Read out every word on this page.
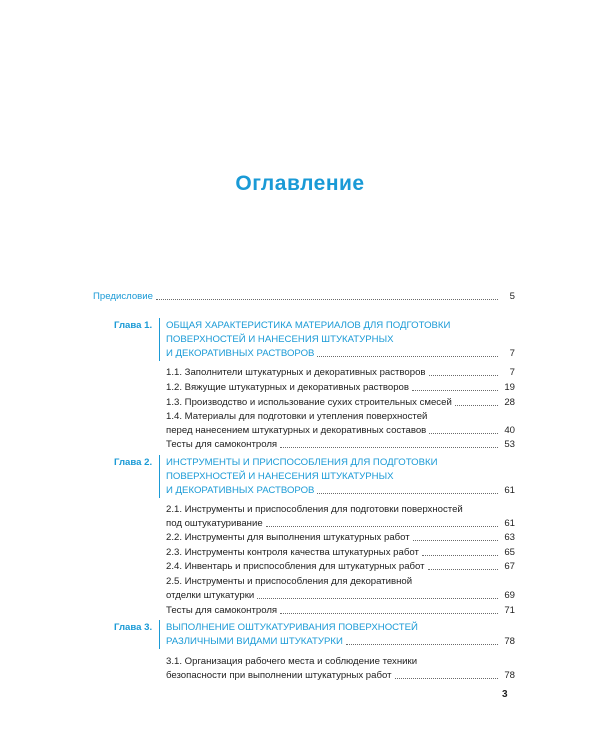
Оглавление
Предисловие	5
Глава 1. ОБЩАЯ ХАРАКТЕРИСТИКА МАТЕРИАЛОВ ДЛЯ ПОДГОТОВКИ
ПОВЕРХНОСТЕЙ И НАНЕСЕНИЯ ШТУКАТУРНЫХ
И ДЕКОРАТИВНЫХ РАСТВОРОВ	7
1.1. Заполнители штукатурных и декоративных растворов	7
1.2. Вяжущие штукатурных и декоративных растворов	19
1.3. Производство и использование сухих строительных смесей	28
1.4. Материалы для подготовки и утепления поверхностей
перед нанесением штукатурных и декоративных составов	40
Тесты для самоконтроля	53
Глава 2. ИНСТРУМЕНТЫ И ПРИСПОСОБЛЕНИЯ ДЛЯ ПОДГОТОВКИ
ПОВЕРХНОСТЕЙ И НАНЕСЕНИЯ ШТУКАТУРНЫХ
И ДЕКОРАТИВНЫХ РАСТВОРОВ	61
2.1. Инструменты и приспособления для подготовки поверхностей
под оштукатуривание	61
2.2. Инструменты для выполнения штукатурных работ	63
2.3. Инструменты контроля качества штукатурных работ	65
2.4. Инвентарь и приспособления для штукатурных работ	67
2.5. Инструменты и приспособления для декоративной
отделки штукатурки	69
Тесты для самоконтроля	71
Глава 3. ВЫПОЛНЕНИЕ ОШТУКАТУРИВАНИЯ ПОВЕРХНОСТЕЙ
РАЗЛИЧНЫМИ ВИДАМИ ШТУКАТУРКИ	78
3.1. Организация рабочего места и соблюдение техники
безопасности при выполнении штукатурных работ	78
3
